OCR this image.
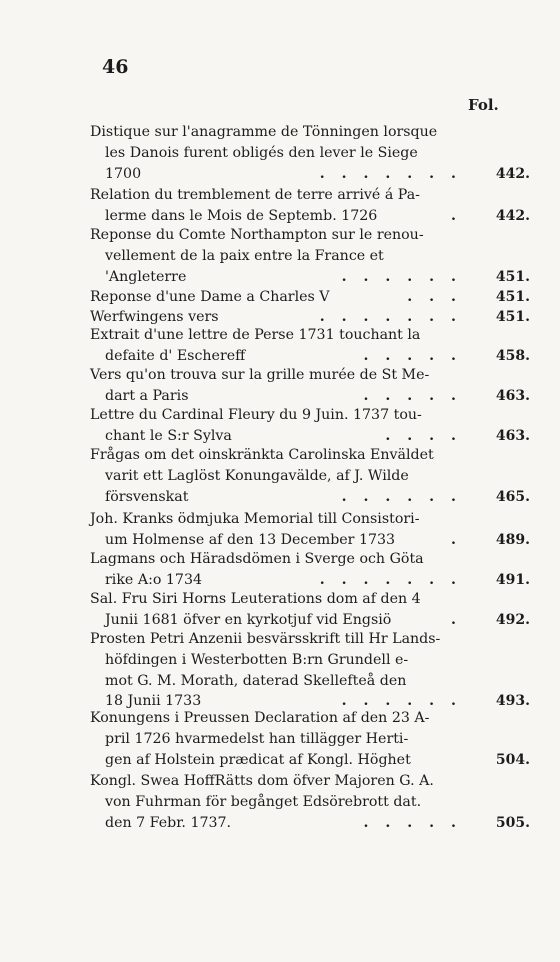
46
Fol.
Distique sur l'anagramme de Tönningen lorsque
les Danois furent obligés den lever le Siege
1700	. . . . . . . 442.
Relation du tremblement de terre arrivé á Pa-
lerme dans le Mois de Septemb. 1726	. 442.
Reponse du Comte Northampton sur le renou-
vellement de la paix entre la France et
'Angleterre	. . . . . . 451.
Reponse d'une Dame a Charles V	. . . 451.
Werfwingens vers	. . . . . . . 451.
Extrait d'une lettre de Perse 1731 touchant la
defaite d' Eschereff	. . . . . 458.
Vers qu'on trouva sur la grille murée de St Me-
dart a Paris	. . . . . 463.
Lettre du Cardinal Fleury du 9 Juin. 1737 tou-
chant le S:r Sylva	. . . . 463.
Frågas om det oinskränkta Carolinska Enväldet
varit ett Laglöst Konungavälde, af J. Wilde
försvenskat	. . . . . . 465.
Joh. Kranks ödmjuka Memorial till Consistori-
um Holmense af den 13 December 1733	. 489.
Lagmans och Häradsdömen i Sverge och Göta
rike A:o 1734	. . . . . . . 491.
Sal. Fru Siri Horns Leuterations dom af den 4
Junii 1681 öfver en kyrkotjuf vid Engsiö	. 492.
Prosten Petri Anzenii besvärsskrift till Hr Lands-
höfdingen i Westerbotten B:rn Grundell e-
mot G. M. Morath, daterad Skellefteå den
18 Junii 1733	. . . . . . 493.
Konungens i Preussen Declaration af den 23 A-
pril 1726 hvarmedelst han tillägger Herti-
gen af Holstein prædicat af Kongl. Höghet	504.
Kongl. Swea HoffRätts dom öfver Majoren G. A.
von Fuhrman för begånget Edsörebrott dat.
den 7 Febr. 1737.	. . . . . 505.
